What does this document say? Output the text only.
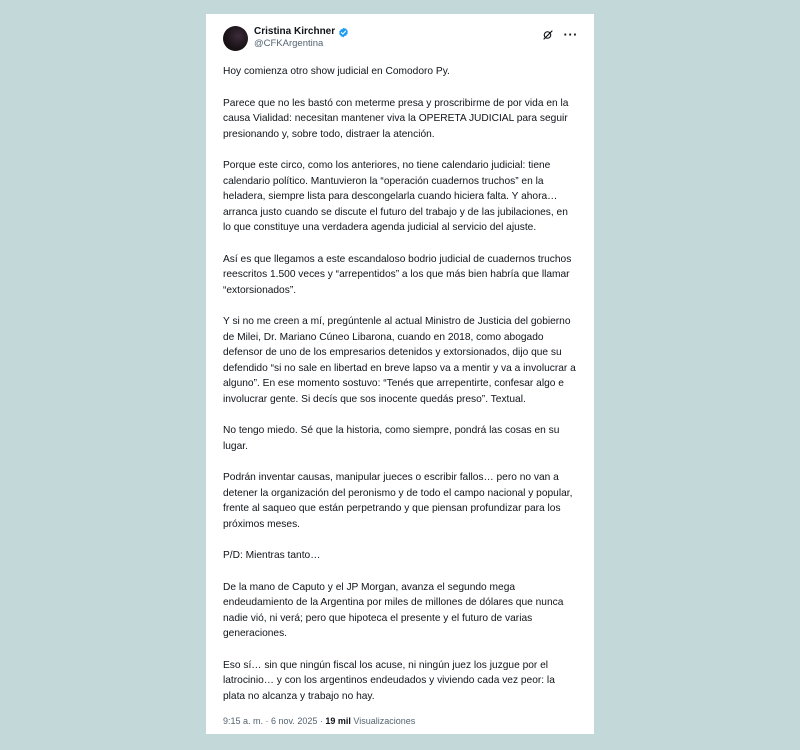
Cristina Kirchner
@CFKArgentina
···

Hoy comienza otro show judicial en Comodoro Py.

Parece que no les bastó con meterme presa y proscribirme de por vida en la causa Vialidad: necesitan mantener viva la OPERETA JUDICIAL para seguir presionando y, sobre todo, distraer la atención.

Porque este circo, como los anteriores, no tiene calendario judicial: tiene calendario político. Mantuvieron la “operación cuadernos truchos” en la heladera, siempre lista para descongelarla cuando hiciera falta. Y ahora… arranca justo cuando se discute el futuro del trabajo y de las jubilaciones, en lo que constituye una verdadera agenda judicial al servicio del ajuste.

Así es que llegamos a este escandaloso bodrio judicial de cuadernos truchos reescritos 1.500 veces y “arrepentidos” a los que más bien habría que llamar “extorsionados”.

Y si no me creen a mí, pregúntenle al actual Ministro de Justicia del gobierno de Milei, Dr. Mariano Cúneo Libarona, cuando en 2018, como abogado defensor de uno de los empresarios detenidos y extorsionados, dijo que su defendido “si no sale en libertad en breve lapso va a mentir y va a involucrar a alguno”. En ese momento sostuvo: “Tenés que arrepentirte, confesar algo e involucrar gente. Si decís que sos inocente quedás preso”. Textual.

No tengo miedo. Sé que la historia, como siempre, pondrá las cosas en su lugar.

Podrán inventar causas, manipular jueces o escribir fallos… pero no van a detener la organización del peronismo y de todo el campo nacional y popular, frente al saqueo que están perpetrando y que piensan profundizar para los próximos meses.

P/D: Mientras tanto…

De la mano de Caputo y el JP Morgan, avanza el segundo mega endeudamiento de la Argentina por miles de millones de dólares que nunca nadie vió, ni verá; pero que hipoteca el presente y el futuro de varias generaciones.

Eso sí… sin que ningún fiscal los acuse, ni ningún juez los juzgue por el latrocinio… y con los argentinos endeudados y viviendo cada vez peor: la plata no alcanza y trabajo no hay.

9:15 a. m. · 6 nov. 2025 · 19 mil Visualizaciones
